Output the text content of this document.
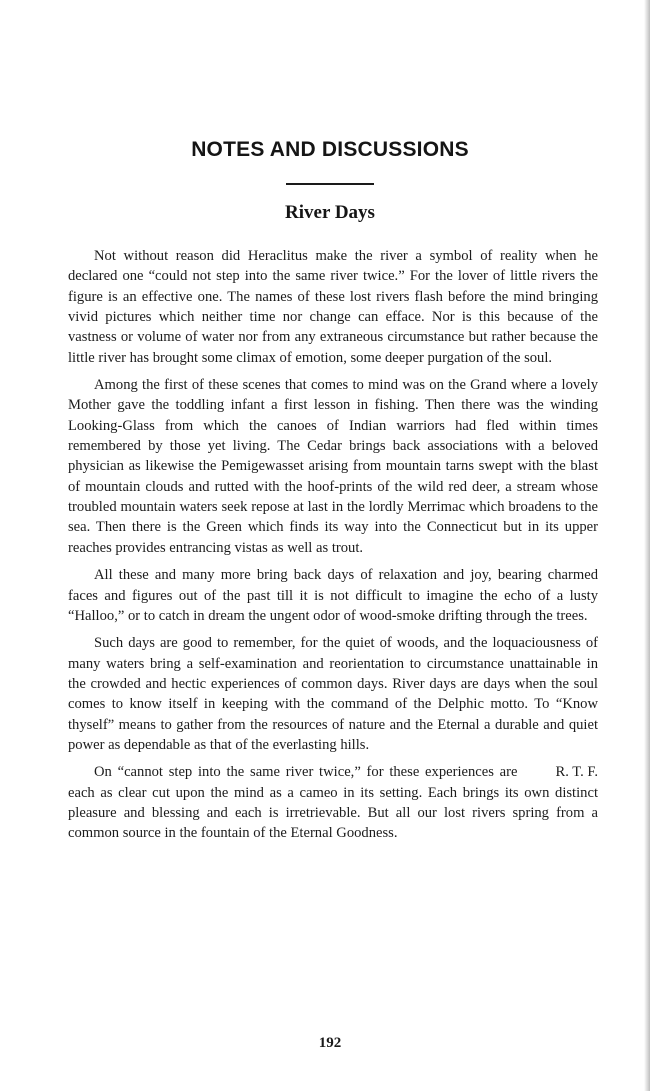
NOTES AND DISCUSSIONS
River Days

Not without reason did Heraclitus make the river a symbol of reality when he declared one “could not step into the same river twice.” For the lover of little rivers the figure is an effective one. The names of these lost rivers flash before the mind bringing vivid pictures which neither time nor change can efface. Nor is this because of the vastness or volume of water nor from any extraneous circumstance but rather because the little river has brought some climax of emotion, some deeper purgation of the soul.

Among the first of these scenes that comes to mind was on the Grand where a lovely Mother gave the toddling infant a first lesson in fishing. Then there was the winding Looking-Glass from which the canoes of Indian warriors had fled within times remembered by those yet living. The Cedar brings back associations with a beloved physician as likewise the Pemigewasset arising from mountain tarns swept with the blast of mountain clouds and rutted with the hoof-prints of the wild red deer, a stream whose troubled mountain waters seek repose at last in the lordly Merrimac which broadens to the sea. Then there is the Green which finds its way into the Connecticut but in its upper reaches provides entrancing vistas as well as trout.

All these and many more bring back days of relaxation and joy, bearing charmed faces and figures out of the past till it is not difficult to imagine the echo of a lusty “Halloo,” or to catch in dream the ungent odor of wood-smoke drifting through the trees.

Such days are good to remember, for the quiet of woods, and the loquaciousness of many waters bring a self-examination and reorientation to circumstance unattainable in the crowded and hectic experiences of common days. River days are days when the soul comes to know itself in keeping with the command of the Delphic motto. To “Know thyself” means to gather from the resources of nature and the Eternal a durable and quiet power as dependable as that of the everlasting hills.

R. T. F.
On “cannot step into the same river twice,” for these experiences are each as clear cut upon the mind as a cameo in its setting. Each brings its own distinct pleasure and blessing and each is irretrievable. But all our lost rivers spring from a common source in the fountain of the Eternal Goodness.

192
